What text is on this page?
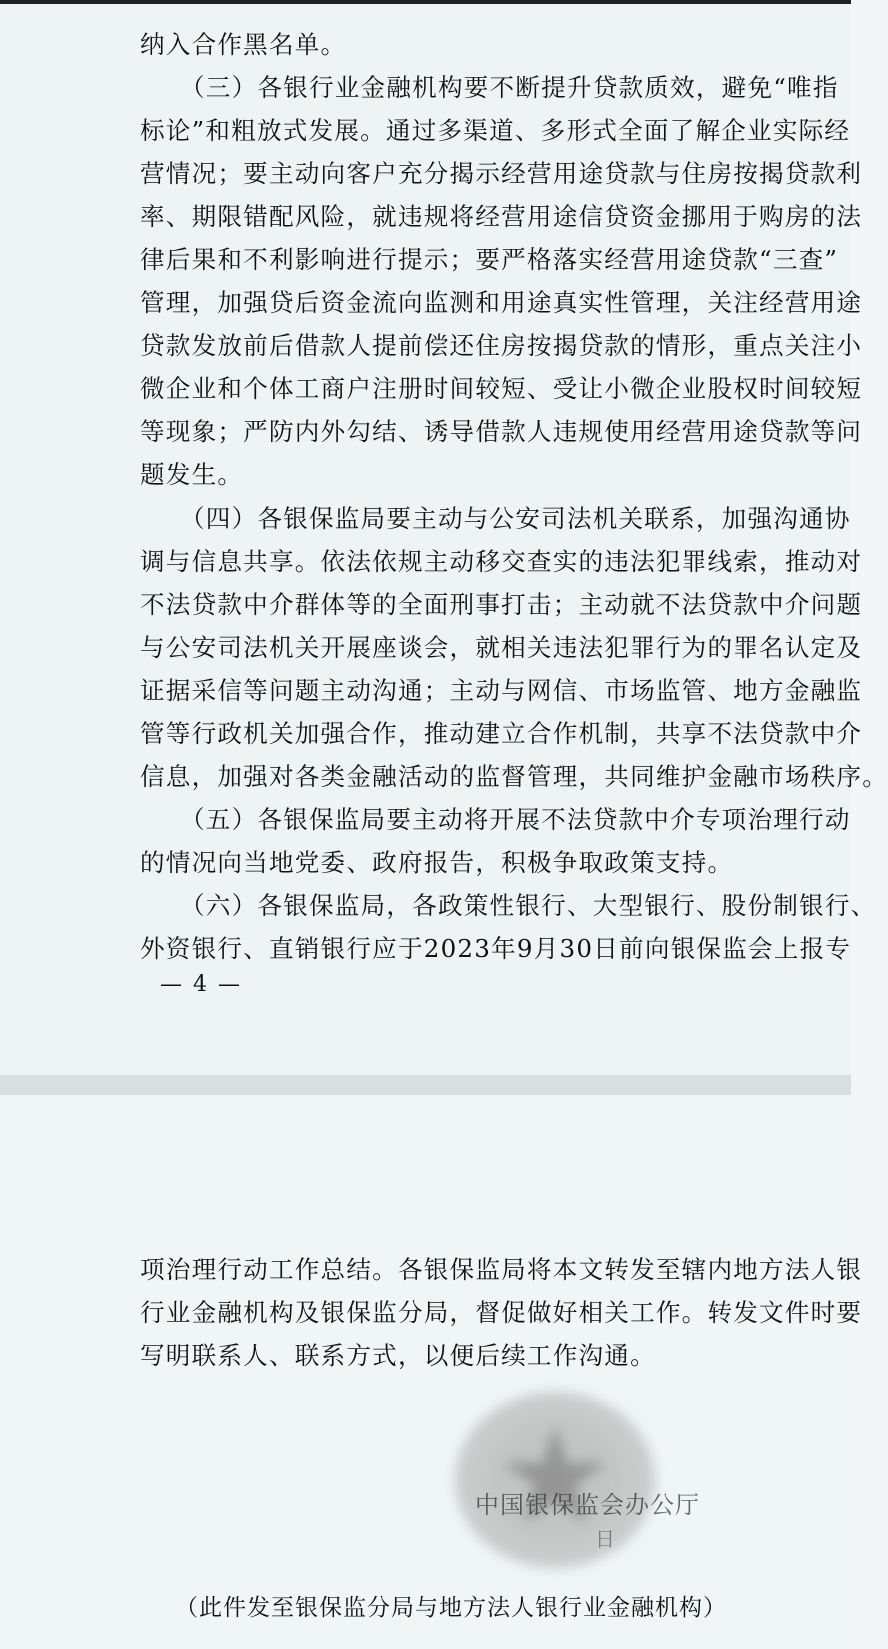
纳入合作黑名单。
（三）各银行业金融机构要不断提升贷款质效，避免“唯指
标论”和粗放式发展。通过多渠道、多形式全面了解企业实际经
营情况；要主动向客户充分揭示经营用途贷款与住房按揭贷款利
率、期限错配风险，就违规将经营用途信贷资金挪用于购房的法
律后果和不利影响进行提示；要严格落实经营用途贷款“三查”
管理，加强贷后资金流向监测和用途真实性管理，关注经营用途
贷款发放前后借款人提前偿还住房按揭贷款的情形，重点关注小
微企业和个体工商户注册时间较短、受让小微企业股权时间较短
等现象；严防内外勾结、诱导借款人违规使用经营用途贷款等问
题发生。
（四）各银保监局要主动与公安司法机关联系，加强沟通协
调与信息共享。依法依规主动移交查实的违法犯罪线索，推动对
不法贷款中介群体等的全面刑事打击；主动就不法贷款中介问题
与公安司法机关开展座谈会，就相关违法犯罪行为的罪名认定及
证据采信等问题主动沟通；主动与网信、市场监管、地方金融监
管等行政机关加强合作，推动建立合作机制，共享不法贷款中介
信息，加强对各类金融活动的监督管理，共同维护金融市场秩序。
（五）各银保监局要主动将开展不法贷款中介专项治理行动
的情况向当地党委、政府报告，积极争取政策支持。
（六）各银保监局，各政策性银行、大型银行、股份制银行、
外资银行、直销银行应于2023年9月30日前向银保监会上报专
— 4 —
项治理行动工作总结。各银保监局将本文转发至辖内地方法人银
行业金融机构及银保监分局，督促做好相关工作。转发文件时要
写明联系人、联系方式，以便后续工作沟通。
中国银保监会办公厅
日
（此件发至银保监分局与地方法人银行业金融机构）
